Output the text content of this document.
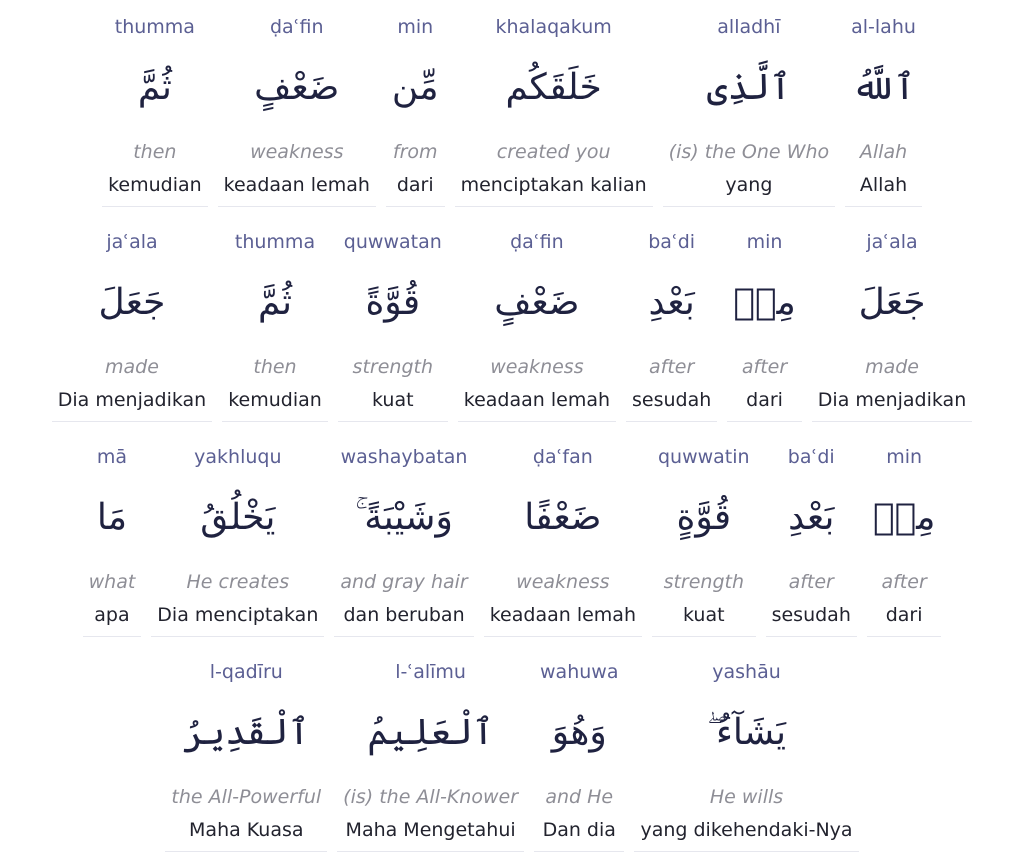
al-lahu
ٱللَّهُ
Allah
Allah
alladhī
ٱلَّذِى
(is) the One Who
yang
khalaqakum
خَلَقَكُم
created you
menciptakan kalian
min
مِّن
from
dari
ḍaʿfin
ضَعْفٍ
weakness
keadaan lemah
thumma
ثُمَّ
then
kemudian
jaʿala
جَعَلَ
made
Dia menjadikan
min
مِنۢ
after
dari
baʿdi
بَعْدِ
after
sesudah
ḍaʿfin
ضَعْفٍ
weakness
keadaan lemah
quwwatan
قُوَّةً
strength
kuat
thumma
ثُمَّ
then
kemudian
jaʿala
جَعَلَ
made
Dia menjadikan
min
مِنۢ
after
dari
baʿdi
بَعْدِ
after
sesudah
quwwatin
قُوَّةٍ
strength
kuat
ḍaʿfan
ضَعْفًا
weakness
keadaan lemah
washaybatan
وَشَيْبَةً ۚ
and gray hair
dan beruban
yakhluqu
يَخْلُقُ
He creates
Dia menciptakan
mā
مَا
what
apa
yashāu
يَشَآءُ ۖ
He wills
yang dikehendaki-Nya
wahuwa
وَهُوَ
and He
Dan dia
l-ʿalīmu
ٱلْعَلِيمُ
(is) the All-Knower
Maha Mengetahui
l-qadīru
ٱلْقَدِيرُ
the All-Powerful
Maha Kuasa
